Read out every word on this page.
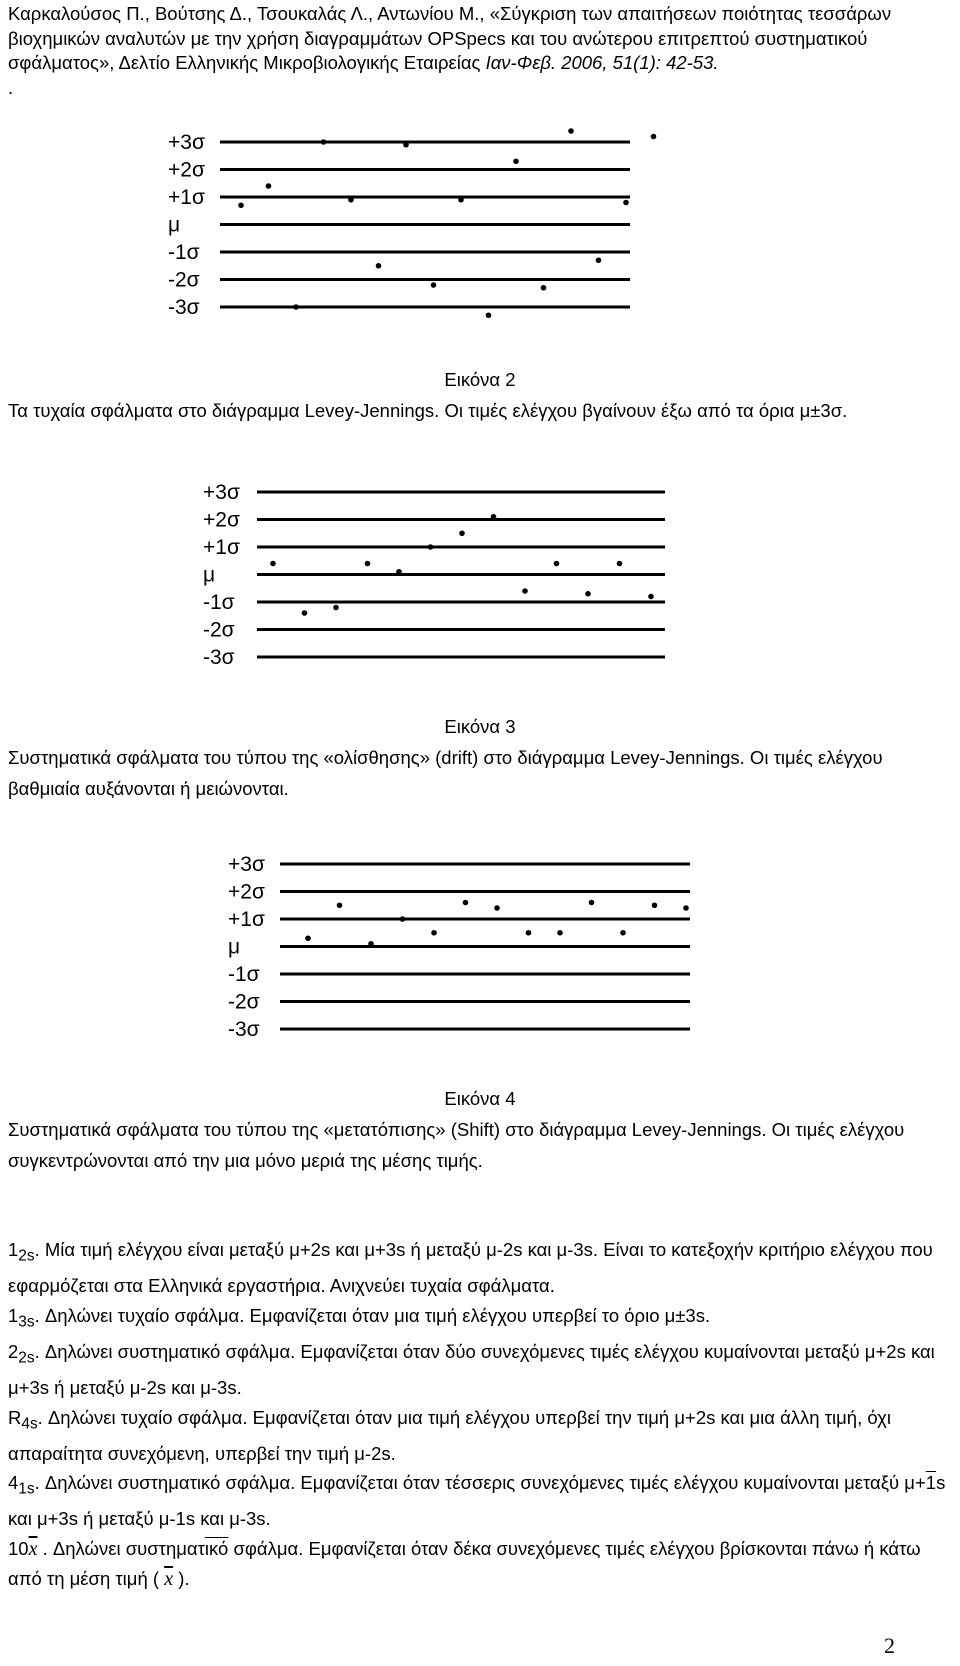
Καρκαλούσος Π., Βούτσης Δ., Τσουκαλάς Λ., Αντωνίου Μ., «Σύγκριση των απαιτήσεων ποιότητας τεσσάρων βιοχημικών αναλυτών με την χρήση διαγραμμάτων OPSpecs και του ανώτερου επιτρεπτού συστηματικού σφάλματος», Δελτίο Ελληνικής Μικροβιολογικής Εταιρείας Ιαν-Φεβ. 2006, 51(1): 42-53.
.
+3σ
+2σ
+1σ
μ
-1σ
-2σ
-3σ
Εικόνα 2
Τα τυχαία σφάλματα στο διάγραμμα Levey-Jennings. Οι τιμές ελέγχου βγαίνουν έξω από τα όρια μ±3σ.
+3σ
+2σ
+1σ
μ
-1σ
-2σ
-3σ
Εικόνα 3
Συστηματικά σφάλματα του τύπου της «ολίσθησης» (drift) στο διάγραμμα Levey-Jennings. Οι τιμές ελέγχου βαθμιαία αυξάνονται ή μειώνονται.
+3σ
+2σ
+1σ
μ
-1σ
-2σ
-3σ
Εικόνα 4
Συστηματικά σφάλματα του τύπου της «μετατόπισης» (Shift) στο διάγραμμα Levey-Jennings. Οι τιμές ελέγχου συγκεντρώνονται από την μια μόνο μεριά της μέσης τιμής.

$1_{2s}$. Μία τιμή ελέγχου είναι μεταξύ μ+2s και μ+3s ή μεταξύ μ-2s και μ-3s. Είναι το κατεξοχήν κριτήριο ελέγχου που εφαρμόζεται στα Ελληνικά εργαστήρια. Ανιχνεύει τυχαία σφάλματα.

$1_{3s}$. Δηλώνει τυχαίο σφάλμα. Εμφανίζεται όταν μια τιμή ελέγχου υπερβεί το όριο μ±3s.

$2_{2s}$. Δηλώνει συστηματικό σφάλμα. Εμφανίζεται όταν δύο συνεχόμενες τιμές ελέγχου κυμαίνονται μεταξύ μ+2s και μ+3s ή μεταξύ μ-2s και μ-3s.

$R_{4s}$. Δηλώνει τυχαίο σφάλμα. Εμφανίζεται όταν μια τιμή ελέγχου υπερβεί την τιμή μ+2s και μια άλλη τιμή, όχι απαραίτητα συνεχόμενη, υπερβεί την τιμή μ-2s.

$4_{1s}$. Δηλώνει συστηματικό σφάλμα. Εμφανίζεται όταν τέσσερις συνεχόμενες τιμές ελέγχου κυμαίνονται μεταξύ μ+1s και μ+3s ή μεταξύ μ-1s και μ-3s.

$10\overline{x}$ . Δηλώνει $\sigma\upsilon\sigma\tau\eta\mu\alpha\tau\overline{\iota\kappa ό}$ σφάλμα. Εμφανίζεται όταν δέκα συνεχόμενες τιμές ελέγχου βρίσκονται πάνω ή κάτω από τη μέση τιμή ( $\overline{x}$ ).

2
